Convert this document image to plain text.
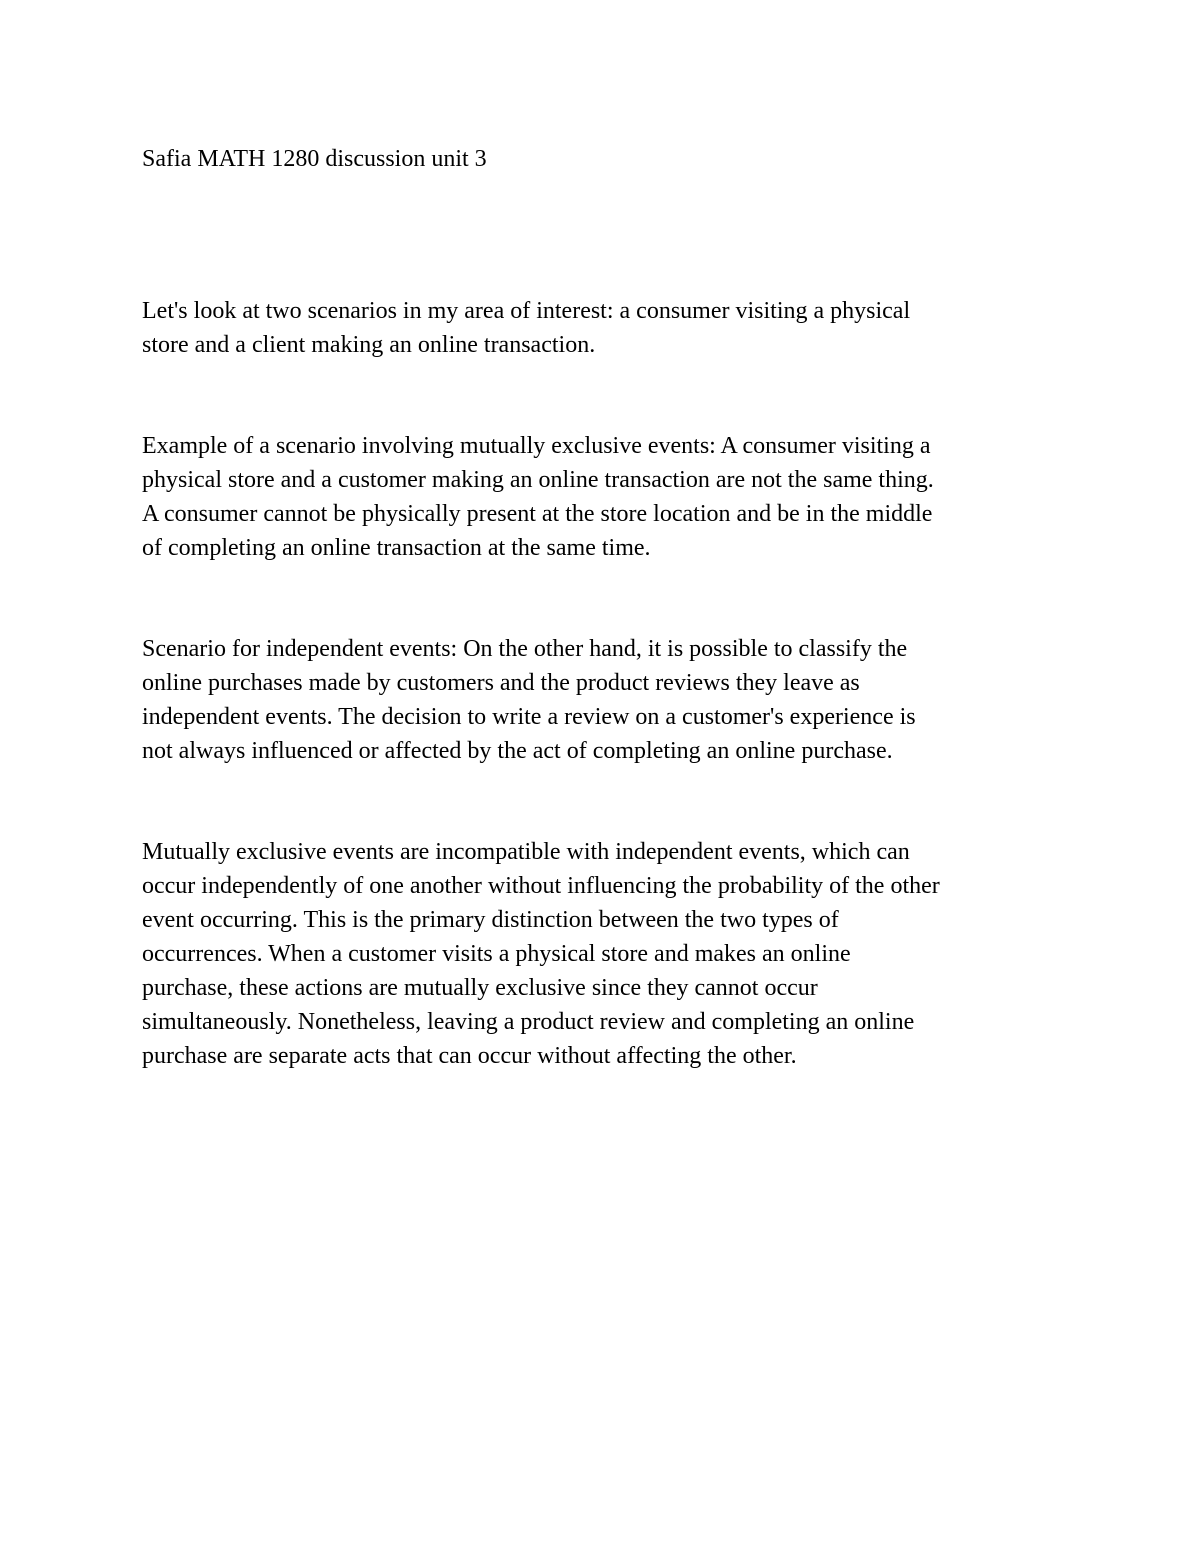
Safia MATH 1280 discussion unit 3

Let's look at two scenarios in my area of interest: a consumer visiting a physical
store and a client making an online transaction.

Example of a scenario involving mutually exclusive events: A consumer visiting a
physical store and a customer making an online transaction are not the same thing.
A consumer cannot be physically present at the store location and be in the middle
of completing an online transaction at the same time.

Scenario for independent events: On the other hand, it is possible to classify the
online purchases made by customers and the product reviews they leave as
independent events. The decision to write a review on a customer's experience is
not always influenced or affected by the act of completing an online purchase.

Mutually exclusive events are incompatible with independent events, which can
occur independently of one another without influencing the probability of the other
event occurring. This is the primary distinction between the two types of
occurrences. When a customer visits a physical store and makes an online
purchase, these actions are mutually exclusive since they cannot occur
simultaneously. Nonetheless, leaving a product review and completing an online
purchase are separate acts that can occur without affecting the other.
